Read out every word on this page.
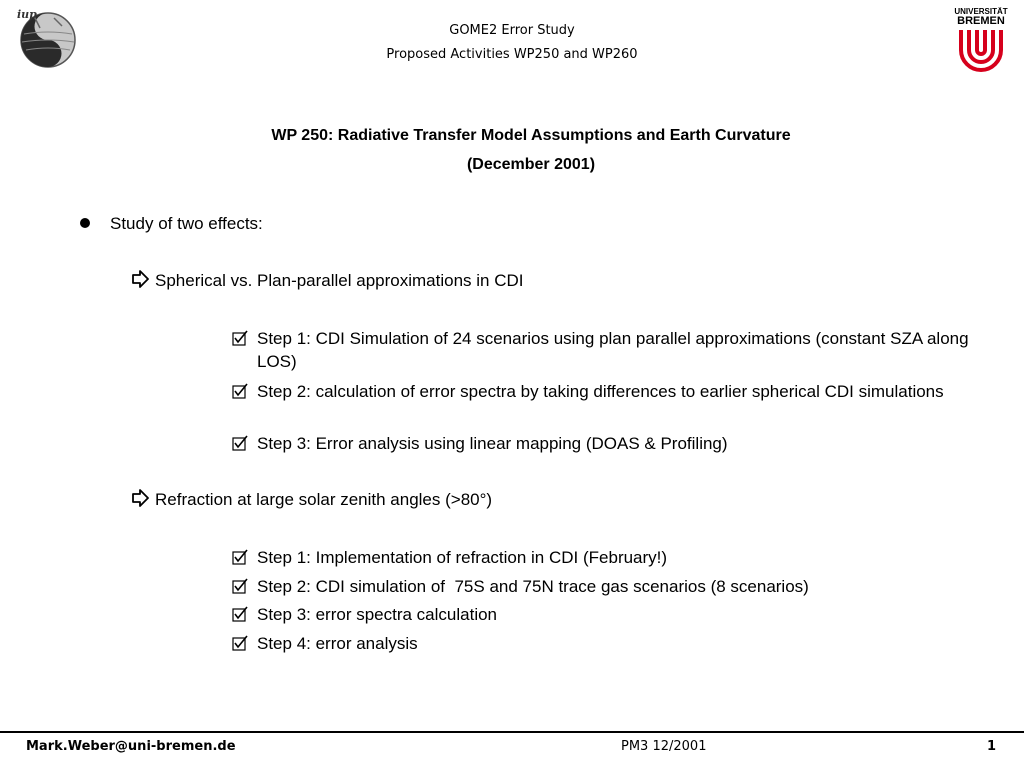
iup
GOME2 Error Study
Proposed Activities WP250 and WP260
UNIVERSITÄT
BREMEN
WP 250: Radiative Transfer Model Assumptions and Earth Curvature
(December 2001)
Study of two effects:
Spherical vs. Plan-parallel approximations in CDI
Step 1: CDI Simulation of 24 scenarios using plan parallel approximations (constant SZA along LOS)
Step 2: calculation of error spectra by taking differences to earlier spherical CDI simulations
Step 3: Error analysis using linear mapping (DOAS & Profiling)
Refraction at large solar zenith angles (>80°)
Step 1: Implementation of refraction in CDI (February!)
Step 2: CDI simulation of  75S and 75N trace gas scenarios (8 scenarios)
Step 3: error spectra calculation
Step 4: error analysis
Mark.Weber@uni-bremen.de	PM3 12/2001	1
